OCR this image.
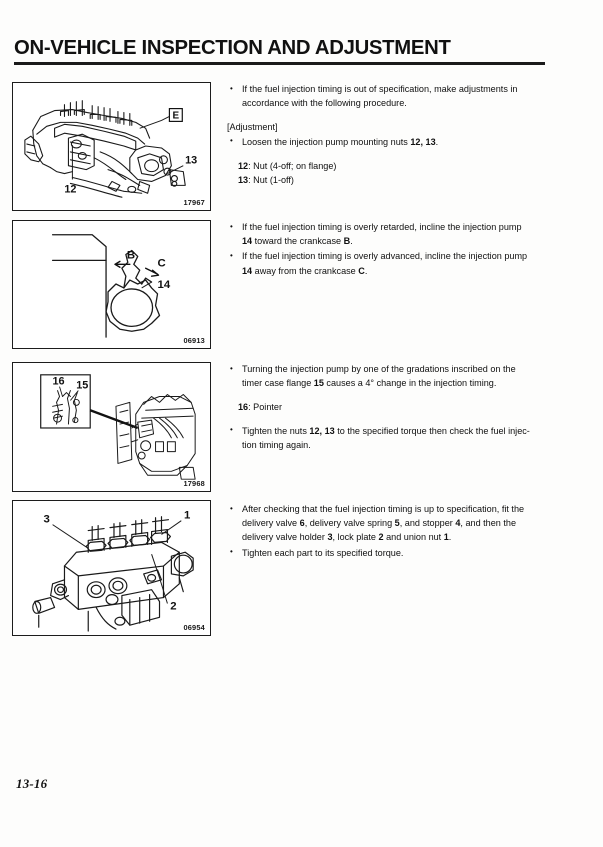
ON-VEHICLE INSPECTION AND ADJUSTMENT
E
12
13
17967
B
C
14
06913
16 15
17968
1
2
3
06954
• If the fuel injection timing is out of specification, make adjustments in
accordance with the following procedure.
[Adjustment]
• Loosen the injection pump mounting nuts 12, 13.
12: Nut (4-off; on flange)
13: Nut (1-off)
• If the fuel injection timing is overly retarded, incline the injection pump
14 toward the crankcase B.
• If the fuel injection timing is overly advanced, incline the injection pump
14 away from the crankcase C.
• Turning the injection pump by one of the gradations inscribed on the
timer case flange 15 causes a 4° change in the injection timing.
16: Pointer
• Tighten the nuts 12, 13 to the specified torque then check the fuel injec-
tion timing again.
• After checking that the fuel injection timing is up to specification, fit the
delivery valve 6, delivery valve spring 5, and stopper 4, and then the
delivery valve holder 3, lock plate 2 and union nut 1.
• Tighten each part to its specified torque.
13-16
